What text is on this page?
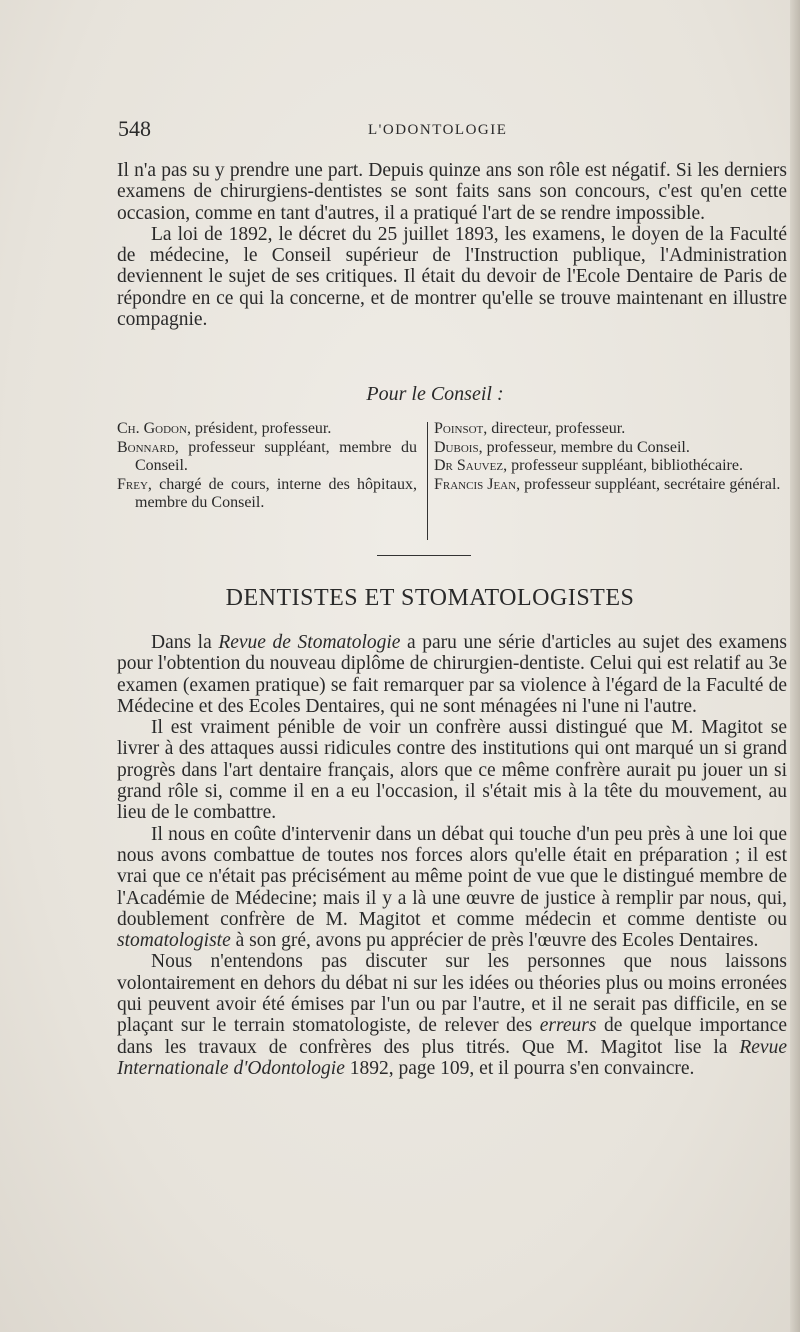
548	L'ODONTOLOGIE

Il n'a pas su y prendre une part. Depuis quinze ans son rôle est négatif. Si les derniers examens de chirurgiens-dentistes se sont faits sans son concours, c'est qu'en cette occasion, comme en tant d'autres, il a pratiqué l'art de se rendre impossible.

La loi de 1892, le décret du 25 juillet 1893, les examens, le doyen de la Faculté de médecine, le Conseil supérieur de l'Instruction publique, l'Administration deviennent le sujet de ses critiques. Il était du devoir de l'Ecole Dentaire de Paris de répondre en ce qui la concerne, et de montrer qu'elle se trouve maintenant en illustre compagnie.

Pour le Conseil :

Ch. Godon, président, professeur.

Bonnard, professeur suppléant, membre du Conseil.

Frey, chargé de cours, interne des hôpitaux, membre du Conseil.

Poinsot, directeur, professeur.

Dubois, professeur, membre du Conseil.

Dr Sauvez, professeur suppléant, bibliothécaire.

Francis Jean, professeur suppléant, secrétaire général.

DENTISTES ET STOMATOLOGISTES

Dans la Revue de Stomatologie a paru une série d'articles au sujet des examens pour l'obtention du nouveau diplôme de chirurgien-dentiste. Celui qui est relatif au 3e examen (examen pratique) se fait remarquer par sa violence à l'égard de la Faculté de Médecine et des Ecoles Dentaires, qui ne sont ménagées ni l'une ni l'autre.

Il est vraiment pénible de voir un confrère aussi distingué que M. Magitot se livrer à des attaques aussi ridicules contre des institutions qui ont marqué un si grand progrès dans l'art dentaire français, alors que ce même confrère aurait pu jouer un si grand rôle si, comme il en a eu l'occasion, il s'était mis à la tête du mouvement, au lieu de le combattre.

Il nous en coûte d'intervenir dans un débat qui touche d'un peu près à une loi que nous avons combattue de toutes nos forces alors qu'elle était en préparation ; il est vrai que ce n'était pas précisément au même point de vue que le distingué membre de l'Académie de Médecine; mais il y a là une œuvre de justice à remplir par nous, qui, doublement confrère de M. Magitot et comme médecin et comme dentiste ou stomatologiste à son gré, avons pu apprécier de près l'œuvre des Ecoles Dentaires.

Nous n'entendons pas discuter sur les personnes que nous laissons volontairement en dehors du débat ni sur les idées ou théories plus ou moins erronées qui peuvent avoir été émises par l'un ou par l'autre, et il ne serait pas difficile, en se plaçant sur le terrain stomatologiste, de relever des erreurs de quelque importance dans les travaux de confrères des plus titrés. Que M. Magitot lise la Revue Internationale d'Odontologie 1892, page 109, et il pourra s'en convaincre.
